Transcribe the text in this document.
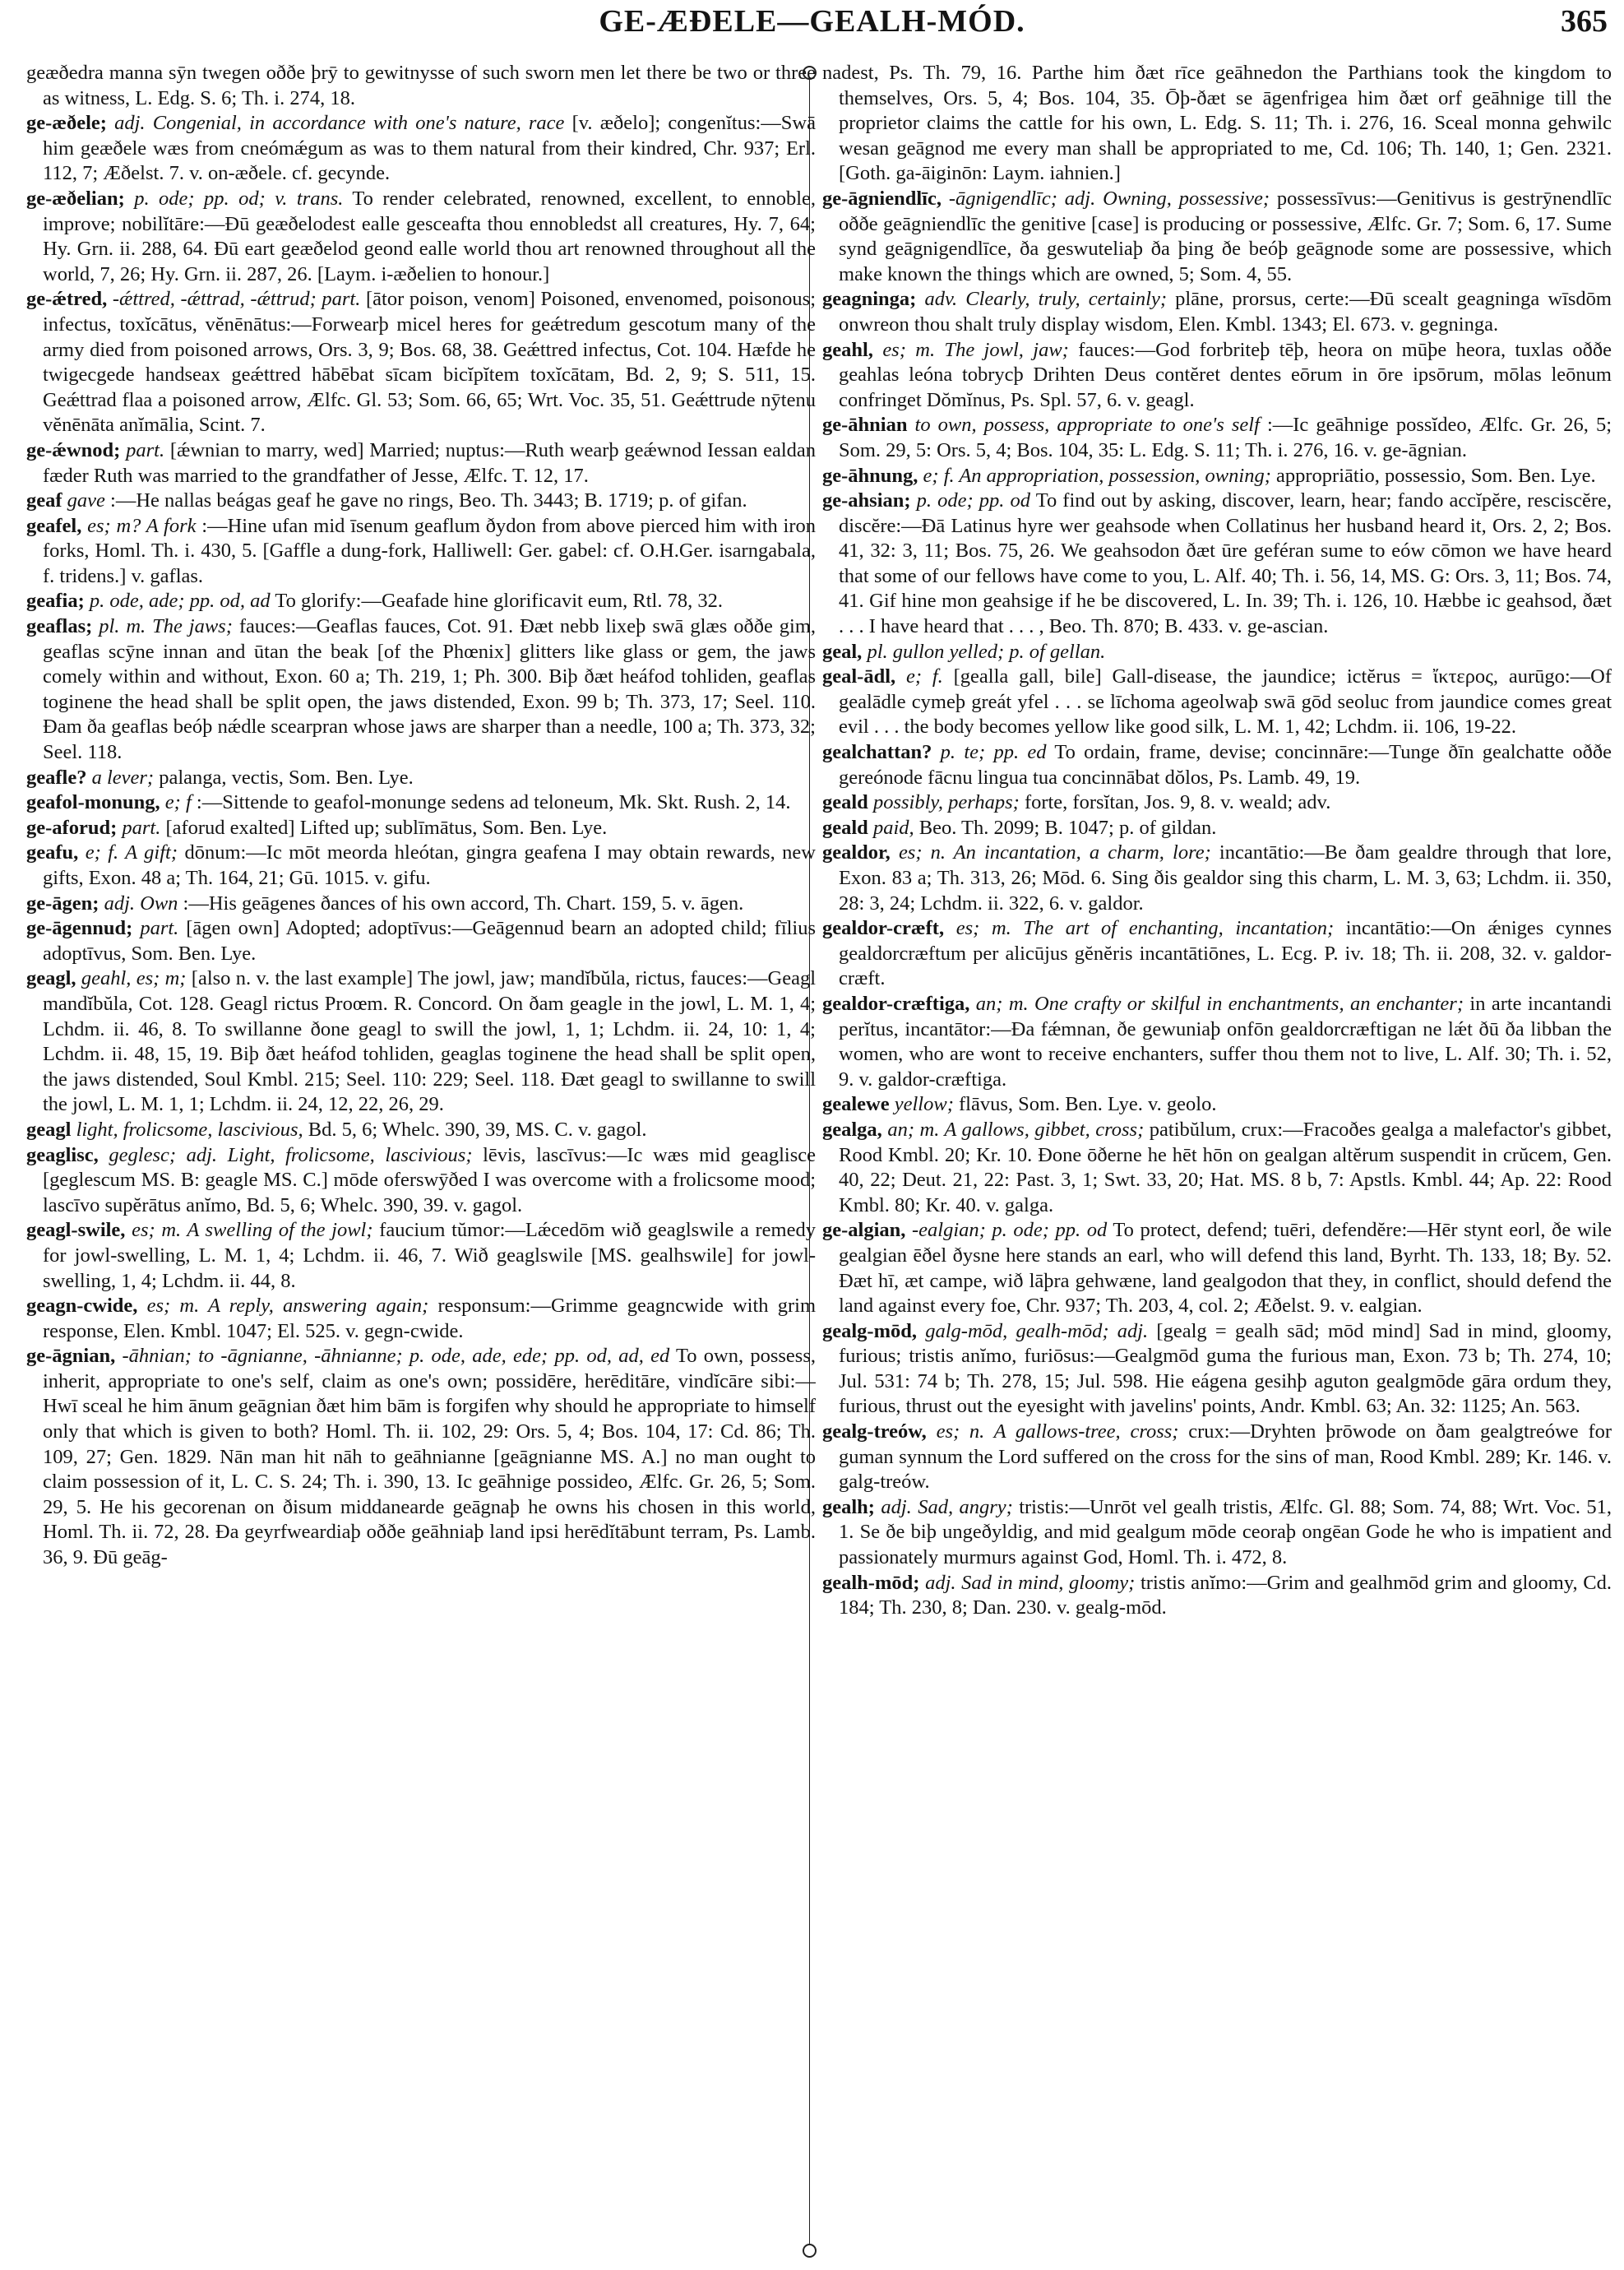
GE-ÆÐELE—GEALH-MÓD.	365

geæðedra manna sȳn twegen oððe þrȳ to gewitnysse of such sworn men let there be two or three as witness, L. Edg. S. 6; Th. i. 274, 18.

ge-æðele; adj. Congenial, in accordance with one's nature, race [v. æðelo]; congenĭtus:—Swā him geæðele wæs from cneómǽgum as was to them natural from their kindred, Chr. 937; Erl. 112, 7; Æðelst. 7. v. on-æðele. cf. gecynde.

ge-æðelian; p. ode; pp. od; v. trans. To render celebrated, renowned, excellent, to ennoble, improve; nobilĭtāre:—Ðū geæðelodest ealle gesceafta thou ennobledst all creatures, Hy. 7, 64; Hy. Grn. ii. 288, 64. Ðū eart geæðelod geond ealle world thou art renowned throughout all the world, 7, 26; Hy. Grn. ii. 287, 26. [Laym. i-æðelien to honour.]

ge-ǽtred, -ǽttred, -ǽttrad, -ǽttrud; part. [ātor poison, venom] Poisoned, envenomed, poisonous; infectus, toxĭcātus, vĕnēnātus:—Forwearþ micel heres for geǽtredum gescotum many of the army died from poisoned arrows, Ors. 3, 9; Bos. 68, 38. Geǽttred infectus, Cot. 104. Hæfde he twigecgede handseax geǽttred hābēbat sīcam bicĭpĭtem toxĭcātam, Bd. 2, 9; S. 511, 15. Geǽttrad flaa a poisoned arrow, Ælfc. Gl. 53; Som. 66, 65; Wrt. Voc. 35, 51. Geǽttrude nȳtenu vĕnēnāta anĭmālia, Scint. 7.

ge-ǽwnod; part. [ǽwnian to marry, wed] Married; nuptus:—Ruth wearþ geǽwnod Iessan ealdan fæder Ruth was married to the grandfather of Jesse, Ælfc. T. 12, 17.

geaf gave :—He nallas beágas geaf he gave no rings, Beo. Th. 3443; B. 1719; p. of gifan.

geafel, es; m? A fork :—Hine ufan mid īsenum geaflum ðydon from above pierced him with iron forks, Homl. Th. i. 430, 5. [Gaffle a dung-fork, Halliwell: Ger. gabel: cf. O.H.Ger. isarngabala, f. tridens.] v. gaflas.

geafia; p. ode, ade; pp. od, ad To glorify:—Geafade hine glorificavit eum, Rtl. 78, 32.

geaflas; pl. m. The jaws; fauces:—Geaflas fauces, Cot. 91. Ðæt nebb lixeþ swā glæs oððe gim, geaflas scȳne innan and ūtan the beak [of the Phœnix] glitters like glass or gem, the jaws comely within and without, Exon. 60 a; Th. 219, 1; Ph. 300. Biþ ðæt heáfod tohliden, geaflas toginene the head shall be split open, the jaws distended, Exon. 99 b; Th. 373, 17; Seel. 110. Ðam ða geaflas beóþ nǽdle scearpran whose jaws are sharper than a needle, 100 a; Th. 373, 32; Seel. 118.

geafle? a lever; palanga, vectis, Som. Ben. Lye.

geafol-monung, e; f :—Sittende to geafol-monunge sedens ad teloneum, Mk. Skt. Rush. 2, 14.

ge-aforud; part. [aforud exalted] Lifted up; sublīmātus, Som. Ben. Lye.

geafu, e; f. A gift; dōnum:—Ic mōt meorda hleótan, gingra geafena I may obtain rewards, new gifts, Exon. 48 a; Th. 164, 21; Gū. 1015. v. gifu.

ge-āgen; adj. Own :—His geāgenes ðances of his own accord, Th. Chart. 159, 5. v. āgen.

ge-āgennud; part. [āgen own] Adopted; adoptīvus:—Geāgennud bearn an adopted child; fīlius adoptīvus, Som. Ben. Lye.

geagl, geahl, es; m; [also n. v. the last example] The jowl, jaw; mandĭbŭla, rictus, fauces:—Geagl mandĭbŭla, Cot. 128. Geagl rictus Proœm. R. Concord. On ðam geagle in the jowl, L. M. 1, 4; Lchdm. ii. 46, 8. To swillanne ðone geagl to swill the jowl, 1, 1; Lchdm. ii. 24, 10: 1, 4; Lchdm. ii. 48, 15, 19. Biþ ðæt heáfod tohliden, geaglas toginene the head shall be split open, the jaws distended, Soul Kmbl. 215; Seel. 110: 229; Seel. 118. Ðæt geagl to swillanne to swill the jowl, L. M. 1, 1; Lchdm. ii. 24, 12, 22, 26, 29.

geagl light, frolicsome, lascivious, Bd. 5, 6; Whelc. 390, 39, MS. C. v. gagol.

geaglisc, geglesc; adj. Light, frolicsome, lascivious; lēvis, lascīvus:—Ic wæs mid geaglisce [geglescum MS. B: geagle MS. C.] mōde oferswȳðed I was overcome with a frolicsome mood; lascīvo supĕrātus anĭmo, Bd. 5, 6; Whelc. 390, 39. v. gagol.

geagl-swile, es; m. A swelling of the jowl; faucium tŭmor:—Lǽcedōm wið geaglswile a remedy for jowl-swelling, L. M. 1, 4; Lchdm. ii. 46, 7. Wið geaglswile [MS. gealhswile] for jowl-swelling, 1, 4; Lchdm. ii. 44, 8.

geagn-cwide, es; m. A reply, answering again; responsum:—Grimme geagncwide with grim response, Elen. Kmbl. 1047; El. 525. v. gegn-cwide.

ge-āgnian, -āhnian; to -āgnianne, -āhnianne; p. ode, ade, ede; pp. od, ad, ed To own, possess, inherit, appropriate to one's self, claim as one's own; possidēre, herēditāre, vindĭcāre sibi:—Hwī sceal he him ānum geāgnian ðæt him bām is forgifen why should he appropriate to himself only that which is given to both? Homl. Th. ii. 102, 29: Ors. 5, 4; Bos. 104, 17: Cd. 86; Th. 109, 27; Gen. 1829. Nān man hit nāh to geāhnianne [geāgnianne MS. A.] no man ought to claim possession of it, L. C. S. 24; Th. i. 390, 13. Ic geāhnige possideo, Ælfc. Gr. 26, 5; Som. 29, 5. He his gecorenan on ðisum middanearde geāgnaþ he owns his chosen in this world, Homl. Th. ii. 72, 28. Ða geyrfweardiaþ oððe geāhniaþ land ipsi herēdĭtābunt terram, Ps. Lamb. 36, 9. Ðū geāg-

nadest, Ps. Th. 79, 16. Parthe him ðæt rīce geāhnedon the Parthians took the kingdom to themselves, Ors. 5, 4; Bos. 104, 35. Ōþ-ðæt se āgenfrigea him ðæt orf geāhnige till the proprietor claims the cattle for his own, L. Edg. S. 11; Th. i. 276, 16. Sceal monna gehwilc wesan geāgnod me every man shall be appropriated to me, Cd. 106; Th. 140, 1; Gen. 2321. [Goth. ga-āiginōn: Laym. iahnien.]

ge-āgniendlīc, -āgnigendlīc; adj. Owning, possessive; possessīvus:—Genitivus is gestrȳnendlīc oððe geāgniendlīc the genitive [case] is producing or possessive, Ælfc. Gr. 7; Som. 6, 17. Sume synd geāgnigendlīce, ða geswuteliaþ ða þing ðe beóþ geāgnode some are possessive, which make known the things which are owned, 5; Som. 4, 55.

geagninga; adv. Clearly, truly, certainly; plāne, prorsus, certe:—Ðū scealt geagninga wīsdōm onwreon thou shalt truly display wisdom, Elen. Kmbl. 1343; El. 673. v. gegninga.

geahl, es; m. The jowl, jaw; fauces:—God forbriteþ tēþ, heora on mūþe heora, tuxlas oððe geahlas leóna tobrycþ Drihten Deus contĕret dentes eōrum in ōre ipsōrum, mōlas leōnum confringet Dŏmĭnus, Ps. Spl. 57, 6. v. geagl.

ge-āhnian to own, possess, appropriate to one's self :—Ic geāhnige possĭdeo, Ælfc. Gr. 26, 5; Som. 29, 5: Ors. 5, 4; Bos. 104, 35: L. Edg. S. 11; Th. i. 276, 16. v. ge-āgnian.

ge-āhnung, e; f. An appropriation, possession, owning; appropriātio, possessio, Som. Ben. Lye.

ge-ahsian; p. ode; pp. od To find out by asking, discover, learn, hear; fando accĭpĕre, resciscĕre, discĕre:—Ðā Latinus hyre wer geahsode when Collatinus her husband heard it, Ors. 2, 2; Bos. 41, 32: 3, 11; Bos. 75, 26. We geahsodon ðæt ūre geféran sume to eów cōmon we have heard that some of our fellows have come to you, L. Alf. 40; Th. i. 56, 14, MS. G: Ors. 3, 11; Bos. 74, 41. Gif hine mon geahsige if he be discovered, L. In. 39; Th. i. 126, 10. Hæbbe ic geahsod, ðæt . . . I have heard that . . . , Beo. Th. 870; B. 433. v. ge-ascian.

geal, pl. gullon yelled; p. of gellan.

geal-ādl, e; f. [gealla gall, bile] Gall-disease, the jaundice; ictĕrus = ἴκτερος, aurūgo:—Of gealādle cymeþ greát yfel . . . se līchoma ageolwaþ swā gōd seoluc from jaundice comes great evil . . . the body becomes yellow like good silk, L. M. 1, 42; Lchdm. ii. 106, 19-22.

gealchattan? p. te; pp. ed To ordain, frame, devise; concinnāre:—Tunge ðīn gealchatte oððe gereónode fācnu lingua tua concinnābat dŏlos, Ps. Lamb. 49, 19.

geald possibly, perhaps; forte, forsĭtan, Jos. 9, 8. v. weald; adv.

geald paid, Beo. Th. 2099; B. 1047; p. of gildan.

gealdor, es; n. An incantation, a charm, lore; incantātio:—Be ðam gealdre through that lore, Exon. 83 a; Th. 313, 26; Mōd. 6. Sing ðis gealdor sing this charm, L. M. 3, 63; Lchdm. ii. 350, 28: 3, 24; Lchdm. ii. 322, 6. v. galdor.

gealdor-cræft, es; m. The art of enchanting, incantation; incantātio:—On ǽniges cynnes gealdorcræftum per alicūjus gĕnĕris incantātiōnes, L. Ecg. P. iv. 18; Th. ii. 208, 32. v. galdor-cræft.

gealdor-cræftiga, an; m. One crafty or skilful in enchantments, an enchanter; in arte incantandi perĭtus, incantātor:—Ða fǽmnan, ðe gewuniaþ onfōn gealdorcræftigan ne lǽt ðū ða libban the women, who are wont to receive enchanters, suffer thou them not to live, L. Alf. 30; Th. i. 52, 9. v. galdor-cræftiga.

gealewe yellow; flāvus, Som. Ben. Lye. v. geolo.

gealga, an; m. A gallows, gibbet, cross; patibŭlum, crux:—Fracoðes gealga a malefactor's gibbet, Rood Kmbl. 20; Kr. 10. Ðone ōðerne he hēt hōn on gealgan altĕrum suspendit in crŭcem, Gen. 40, 22; Deut. 21, 22: Past. 3, 1; Swt. 33, 20; Hat. MS. 8 b, 7: Apstls. Kmbl. 44; Ap. 22: Rood Kmbl. 80; Kr. 40. v. galga.

ge-algian, -ealgian; p. ode; pp. od To protect, defend; tuēri, defendĕre:—Hēr stynt eorl, ðe wile gealgian ēðel ðysne here stands an earl, who will defend this land, Byrht. Th. 133, 18; By. 52. Ðæt hī, æt campe, wið lāþra gehwæne, land gealgodon that they, in conflict, should defend the land against every foe, Chr. 937; Th. 203, 4, col. 2; Æðelst. 9. v. ealgian.

gealg-mōd, galg-mōd, gealh-mōd; adj. [gealg = gealh sād; mōd mind] Sad in mind, gloomy, furious; tristis anĭmo, furiōsus:—Gealgmōd guma the furious man, Exon. 73 b; Th. 274, 10; Jul. 531: 74 b; Th. 278, 15; Jul. 598. Hie eágena gesihþ aguton gealgmōde gāra ordum they, furious, thrust out the eyesight with javelins' points, Andr. Kmbl. 63; An. 32: 1125; An. 563.

gealg-treów, es; n. A gallows-tree, cross; crux:—Dryhten þrōwode on ðam gealgtreówe for guman synnum the Lord suffered on the cross for the sins of man, Rood Kmbl. 289; Kr. 146. v. galg-treów.

gealh; adj. Sad, angry; tristis:—Unrōt vel gealh tristis, Ælfc. Gl. 88; Som. 74, 88; Wrt. Voc. 51, 1. Se ðe biþ ungeðyldig, and mid gealgum mōde ceoraþ ongēan Gode he who is impatient and passionately murmurs against God, Homl. Th. i. 472, 8.

gealh-mōd; adj. Sad in mind, gloomy; tristis anĭmo:—Grim and gealhmōd grim and gloomy, Cd. 184; Th. 230, 8; Dan. 230. v. gealg-mōd.
